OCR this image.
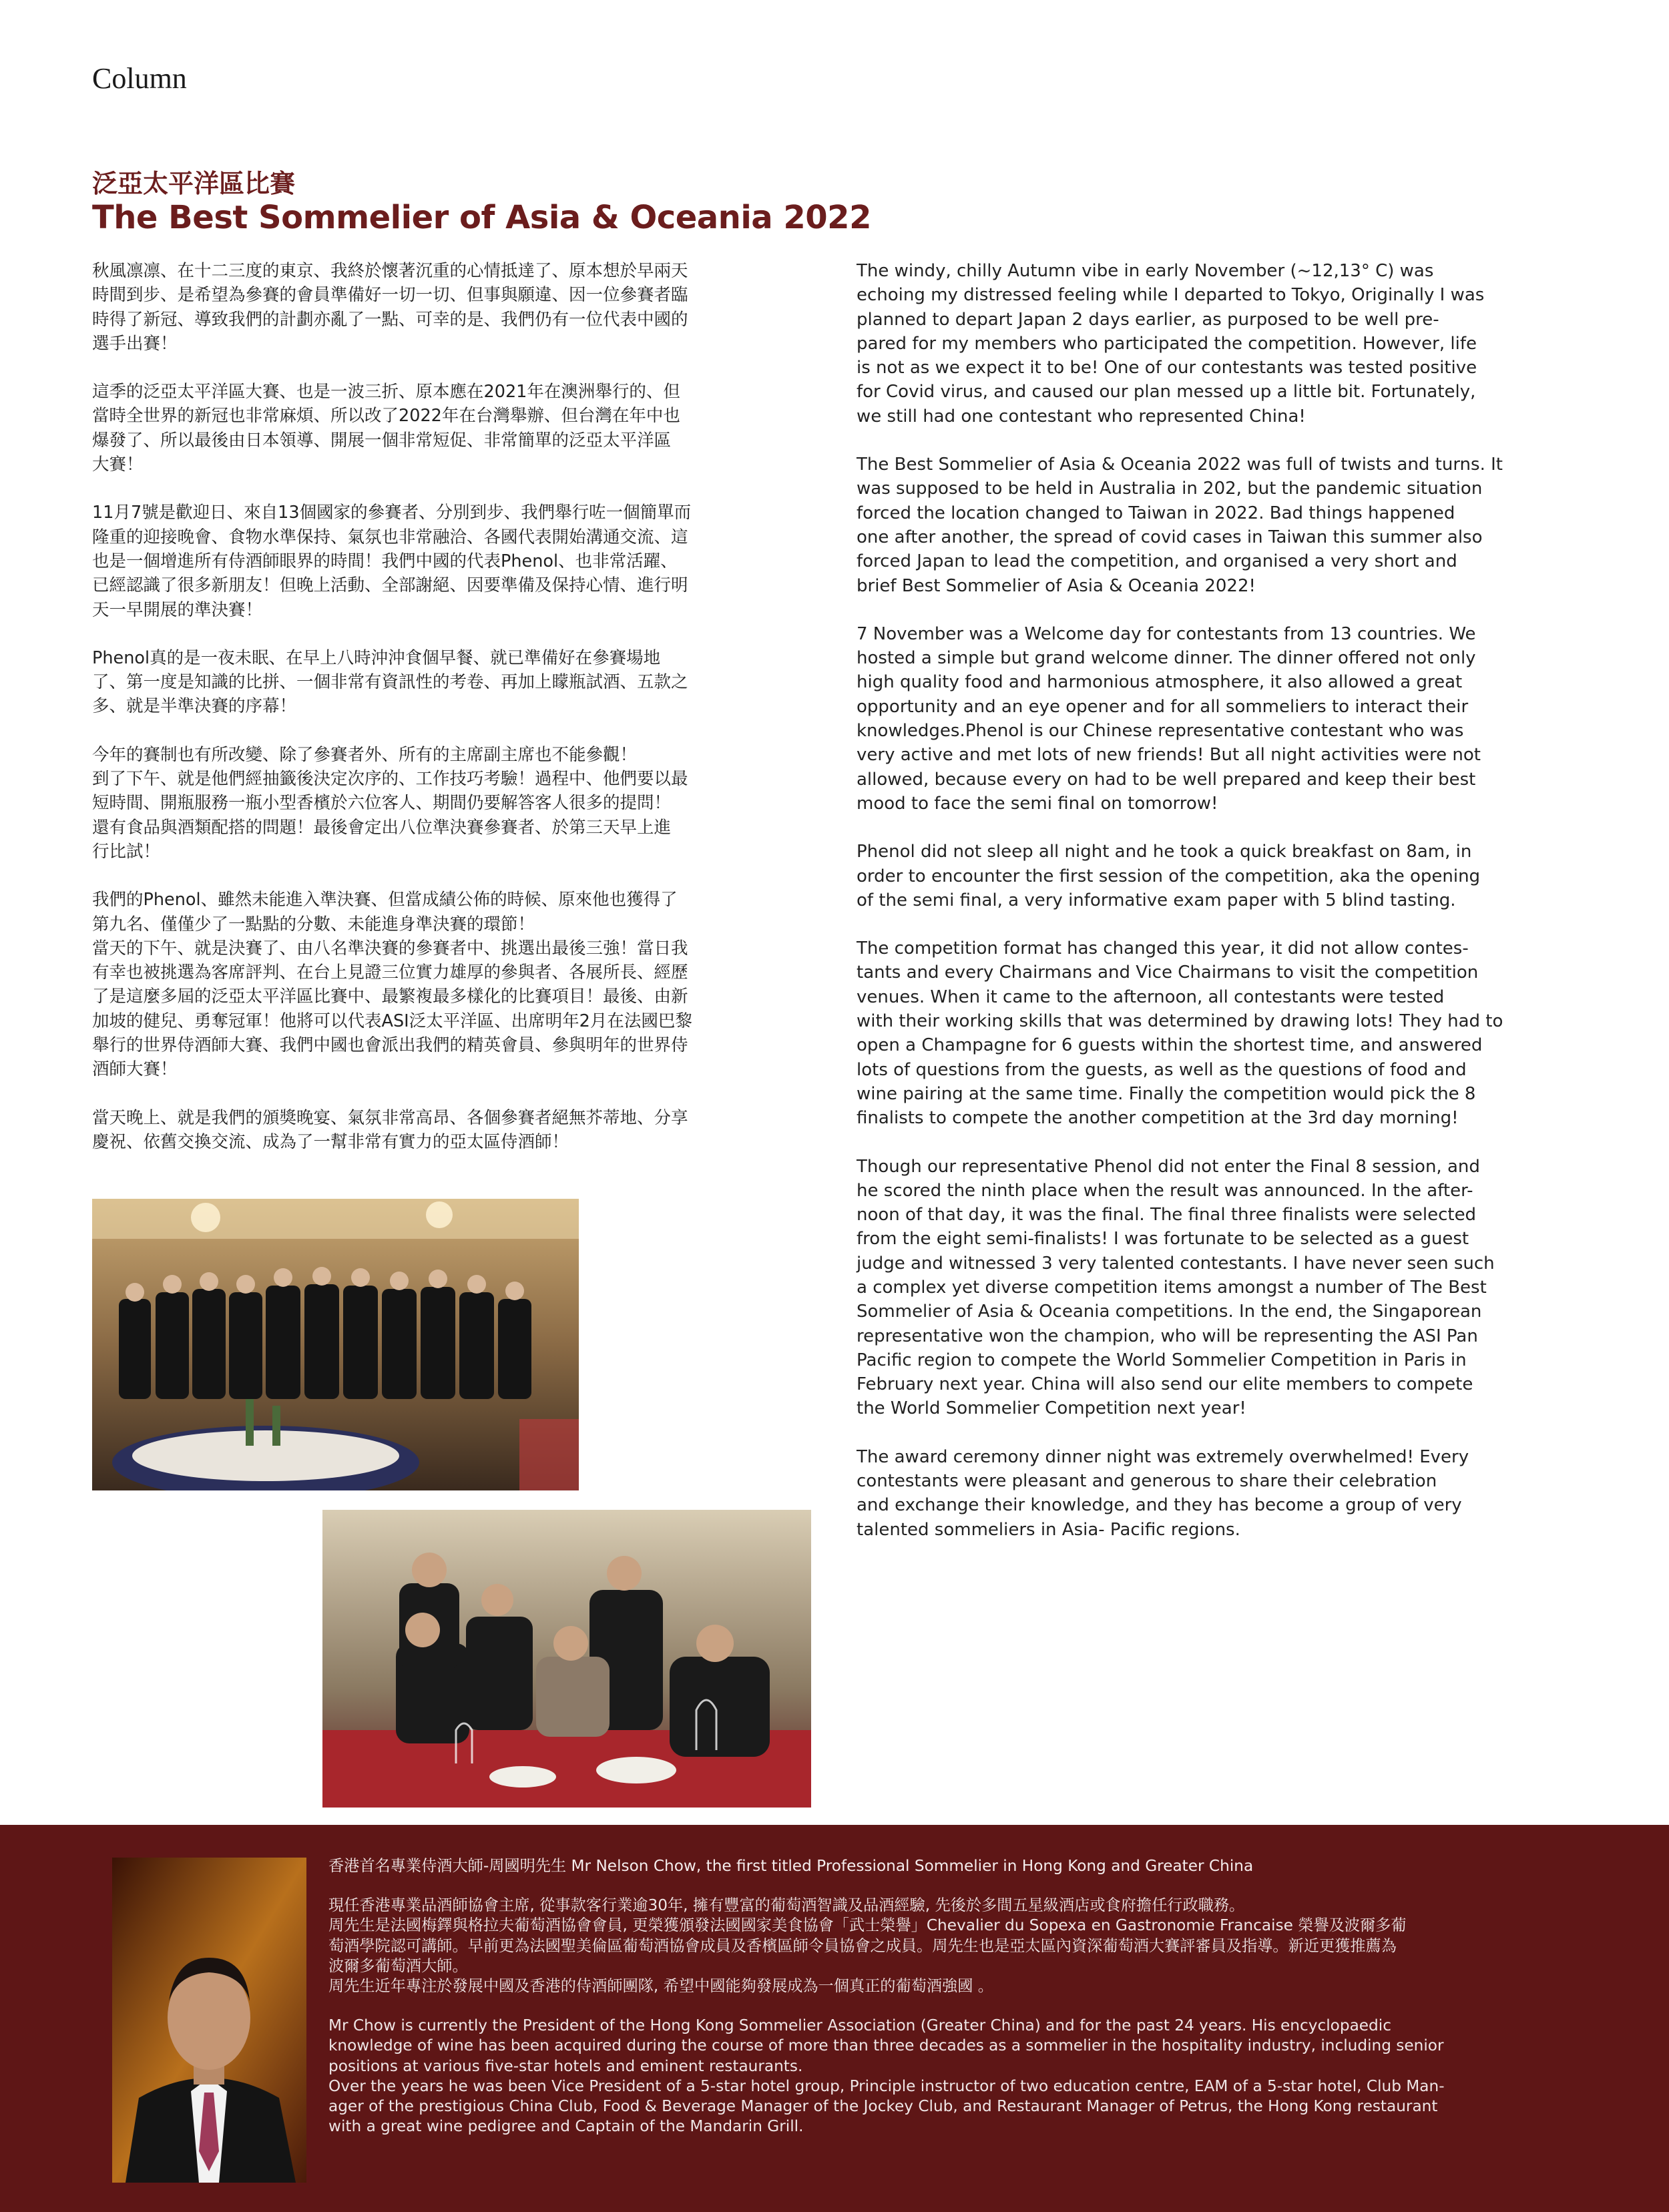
Column
泛亞太平洋區比賽
The Best Sommelier of Asia & Oceania 2022

秋風凛凛、在十二三度的東京、我終於懷著沉重的心情抵達了、原本想於早兩天
時間到步、是希望為參賽的會員準備好一切一切、但事與願違、因一位參賽者臨
時得了新冠、導致我們的計劃亦亂了一點、可幸的是、我們仍有一位代表中國的
選手出賽！

這季的泛亞太平洋區大賽、也是一波三折、原本應在2021年在澳洲舉行的、但
當時全世界的新冠也非常麻煩、所以改了2022年在台灣舉辦、但台灣在年中也
爆發了、所以最後由日本領導、開展一個非常短促、非常簡單的泛亞太平洋區
大賽！

11月7號是歡迎日、來自13個國家的參賽者、分別到步、我們舉行咗一個簡單而
隆重的迎接晚會、食物水準保持、氣氛也非常融洽、各國代表開始溝通交流、這
也是一個增進所有侍酒師眼界的時間！我們中國的代表Phenol、也非常活躍、
已經認識了很多新朋友！但晚上活動、全部謝絕、因要準備及保持心情、進行明
天一早開展的準決賽！

Phenol真的是一夜未眠、在早上八時沖沖食個早餐、就已準備好在參賽場地
了、第一度是知識的比拼、一個非常有資訊性的考卷、再加上矇瓶試酒、五款之
多、就是半準決賽的序幕！

今年的賽制也有所改變、除了參賽者外、所有的主席副主席也不能參觀！
到了下午、就是他們經抽籤後決定次序的、工作技巧考驗！過程中、他們要以最
短時間、開瓶服務一瓶小型香檳於六位客人、期間仍要解答客人很多的提問！
還有食品與酒類配搭的問題！最後會定出八位準決賽參賽者、於第三天早上進
行比試！

我們的Phenol、雖然未能進入準決賽、但當成績公佈的時候、原來他也獲得了
第九名、僅僅少了一點點的分數、未能進身準決賽的環節！
當天的下午、就是決賽了、由八名準決賽的參賽者中、挑選出最後三強！當日我
有幸也被挑選為客席評判、在台上見證三位實力雄厚的參與者、各展所長、經歷
了是這麼多屆的泛亞太平洋區比賽中、最繁複最多樣化的比賽項目！最後、由新
加坡的健兒、勇奪冠軍！他將可以代表ASI泛太平洋區、出席明年2月在法國巴黎
舉行的世界侍酒師大賽、我們中國也會派出我們的精英會員、參與明年的世界侍
酒師大賽！

當天晚上、就是我們的頒獎晚宴、氣氛非常高昂、各個參賽者絕無芥蒂地、分享
慶祝、依舊交換交流、成為了一幫非常有實力的亞太區侍酒師！

The windy, chilly Autumn vibe in early November (~12,13° C) was
echoing my distressed feeling while I departed to Tokyo, Originally I was
planned to depart Japan 2 days earlier, as purposed to be well pre-
pared for my members who participated the competition. However, life
is not as we expect it to be! One of our contestants was tested positive
for Covid virus, and caused our plan messed up a little bit. Fortunately,
we still had one contestant who represented China!

The Best Sommelier of Asia & Oceania 2022 was full of twists and turns. It
was supposed to be held in Australia in 202, but the pandemic situation
forced the location changed to Taiwan in 2022. Bad things happened
one after another, the spread of covid cases in Taiwan this summer also
forced Japan to lead the competition, and organised a very short and
brief Best Sommelier of Asia & Oceania 2022!

7 November was a Welcome day for contestants from 13 countries. We
hosted a simple but grand welcome dinner. The dinner offered not only
high quality food and harmonious atmosphere, it also allowed a great
opportunity and an eye opener and for all sommeliers to interact their
knowledges.Phenol is our Chinese representative contestant who was
very active and met lots of new friends! But all night activities were not
allowed, because every on had to be well prepared and keep their best
mood to face the semi final on tomorrow!

Phenol did not sleep all night and he took a quick breakfast on 8am, in
order to encounter the first session of the competition, aka the opening
of the semi final, a very informative exam paper with 5 blind tasting.

The competition format has changed this year, it did not allow contes-
tants and every Chairmans and Vice Chairmans to visit the competition
venues. When it came to the afternoon, all contestants were tested
with their working skills that was determined by drawing lots! They had to
open a Champagne for 6 guests within the shortest time, and answered
lots of questions from the guests, as well as the questions of food and
wine pairing at the same time. Finally the competition would pick the 8
finalists to compete the another competition at the 3rd day morning!

Though our representative Phenol did not enter the Final 8 session, and
he scored the ninth place when the result was announced. In the after-
noon of that day, it was the final. The final three finalists were selected
from the eight semi-finalists! I was fortunate to be selected as a guest
judge and witnessed 3 very talented contestants. I have never seen such
a complex yet diverse competition items amongst a number of The Best
Sommelier of Asia & Oceania competitions. In the end, the Singaporean
representative won the champion, who will be representing the ASI Pan
Pacific region to compete the World Sommelier Competition in Paris in
February next year. China will also send our elite members to compete
the World Sommelier Competition next year!

The award ceremony dinner night was extremely overwhelmed! Every
contestants were pleasant and generous to share their celebration
and exchange their knowledge, and they has become a group of very
talented sommeliers in Asia- Pacific regions.

香港首名專業侍酒大師-周國明先生 Mr Nelson Chow, the first titled Professional Sommelier in Hong Kong and Greater China

現任香港專業品酒師協會主席, 從事款客行業逾30年, 擁有豐富的葡萄酒智識及品酒經驗, 先後於多間五星級酒店或食府擔任行政職務。
周先生是法國梅鐸與格拉夫葡萄酒協會會員, 更榮獲頒發法國國家美食協會「武士榮譽」Chevalier du Sopexa en Gastronomie Francaise 榮譽及波爾多葡
萄酒學院認可講師。早前更為法國聖美倫區葡萄酒協會成員及香檳區師令員協會之成員。周先生也是亞太區內資深葡萄酒大賽評審員及指導。新近更獲推薦為
波爾多葡萄酒大師。
周先生近年專注於發展中國及香港的侍酒師團隊, 希望中國能夠發展成為一個真正的葡萄酒強國 。

Mr Chow is currently the President of the Hong Kong Sommelier Association (Greater China) and for the past 24 years. His encyclopaedic
knowledge of wine has been acquired during the course of more than three decades as a sommelier in the hospitality industry, including senior
positions at various five-star hotels and eminent restaurants.
Over the years he was been Vice President of a 5-star hotel group, Principle instructor of two education centre, EAM of a 5-star hotel, Club Man-
ager of the prestigious China Club, Food & Beverage Manager of the Jockey Club, and Restaurant Manager of Petrus, the Hong Kong restaurant
with a great wine pedigree and Captain of the Mandarin Grill.
